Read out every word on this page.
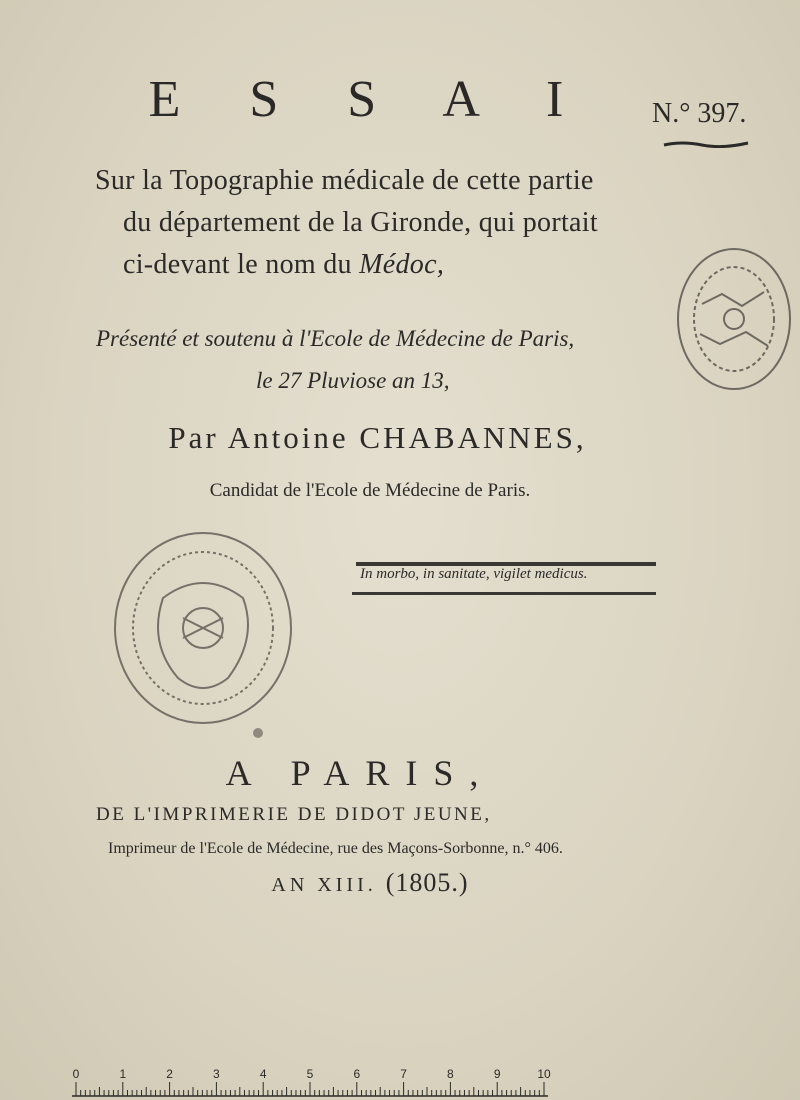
E S S A I	N.° 397.
Sur la Topographie médicale de cette partie
du département de la Gironde, qui portait
ci-devant le nom du Médoc,
Présenté et soutenu à l'Ecole de Médecine de Paris,
le 27 Pluviose an 13,
Par Antoine CHABANNES,
Candidat de l'Ecole de Médecine de Paris.
In morbo, in sanitate, vigilet medicus.
A PARIS,
DE L'IMPRIMERIE DE DIDOT JEUNE,
Imprimeur de l'Ecole de Médecine, rue des Maçons-Sorbonne, n.° 406.
AN XIII. (1805.)
0	1	2	3	4	5	6	7	8	9	10
